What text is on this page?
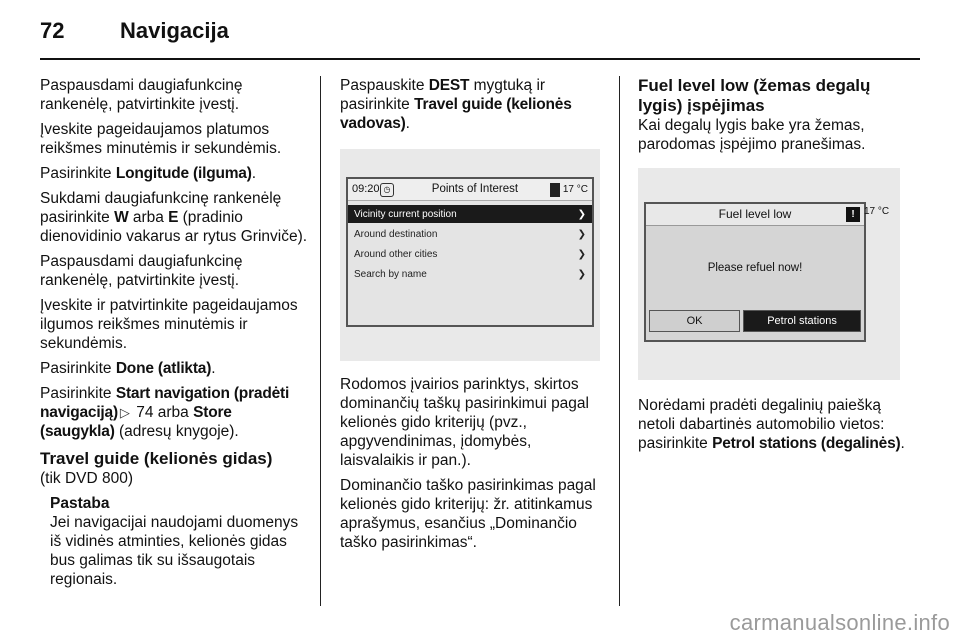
72	Navigacija

Paspausdami daugiafunkcinę rankenėlę, patvirtinkite įvestį.

Įveskite pageidaujamos platumos reikšmes minutėmis ir sekundėmis.

Pasirinkite Longitude (ilguma).

Sukdami daugiafunkcinę rankenėlę pasirinkite W arba E (pradinio dienovidinio vakarus ar rytus Grinviče).

Paspausdami daugiafunkcinę rankenėlę, patvirtinkite įvestį.

Įveskite ir patvirtinkite pageidaujamos ilgumos reikšmes minutėmis ir sekundėmis.

Pasirinkite Done (atlikta).

Pasirinkite Start navigation (pradėti navigaciją) ▷ 74 arba Store (saugykla) (adresų knygoje).

Travel guide (kelionės gidas)

(tik DVD 800)

Pastaba
Jei navigacijai naudojami duomenys iš vidinės atminties, kelionės gidas bus galimas tik su išsaugotais regionais.

Paspauskite DEST mygtuką ir pasirinkite Travel guide (kelionės vadovas).

09:20 ◷	Points of Interest	17 °C
Vicinity current position	❯
Around destination	❯
Around other cities	❯
Search by name	❯

Rodomos įvairios parinktys, skirtos dominančių taškų pasirinkimui pagal kelionės gido kriterijų (pvz., apgyvendinimas, įdomybės, laisvalaikis ir pan.).

Dominančio taško pasirinkimas pagal kelionės gido kriterijų: žr. atitinkamus aprašymus, esančius „Dominančio taško pasirinkimas“.

Fuel level low (žemas degalų lygis) įspėjimas

Kai degalų lygis bake yra žemas, parodomas įspėjimo pranešimas.

Fuel level low	!
Please refuel now!
OK	Petrol stations
17 °C

Norėdami pradėti degalinių paiešką netoli dabartinės automobilio vietos: pasirinkite Petrol stations (degalinės).

carmanualsonline.info
